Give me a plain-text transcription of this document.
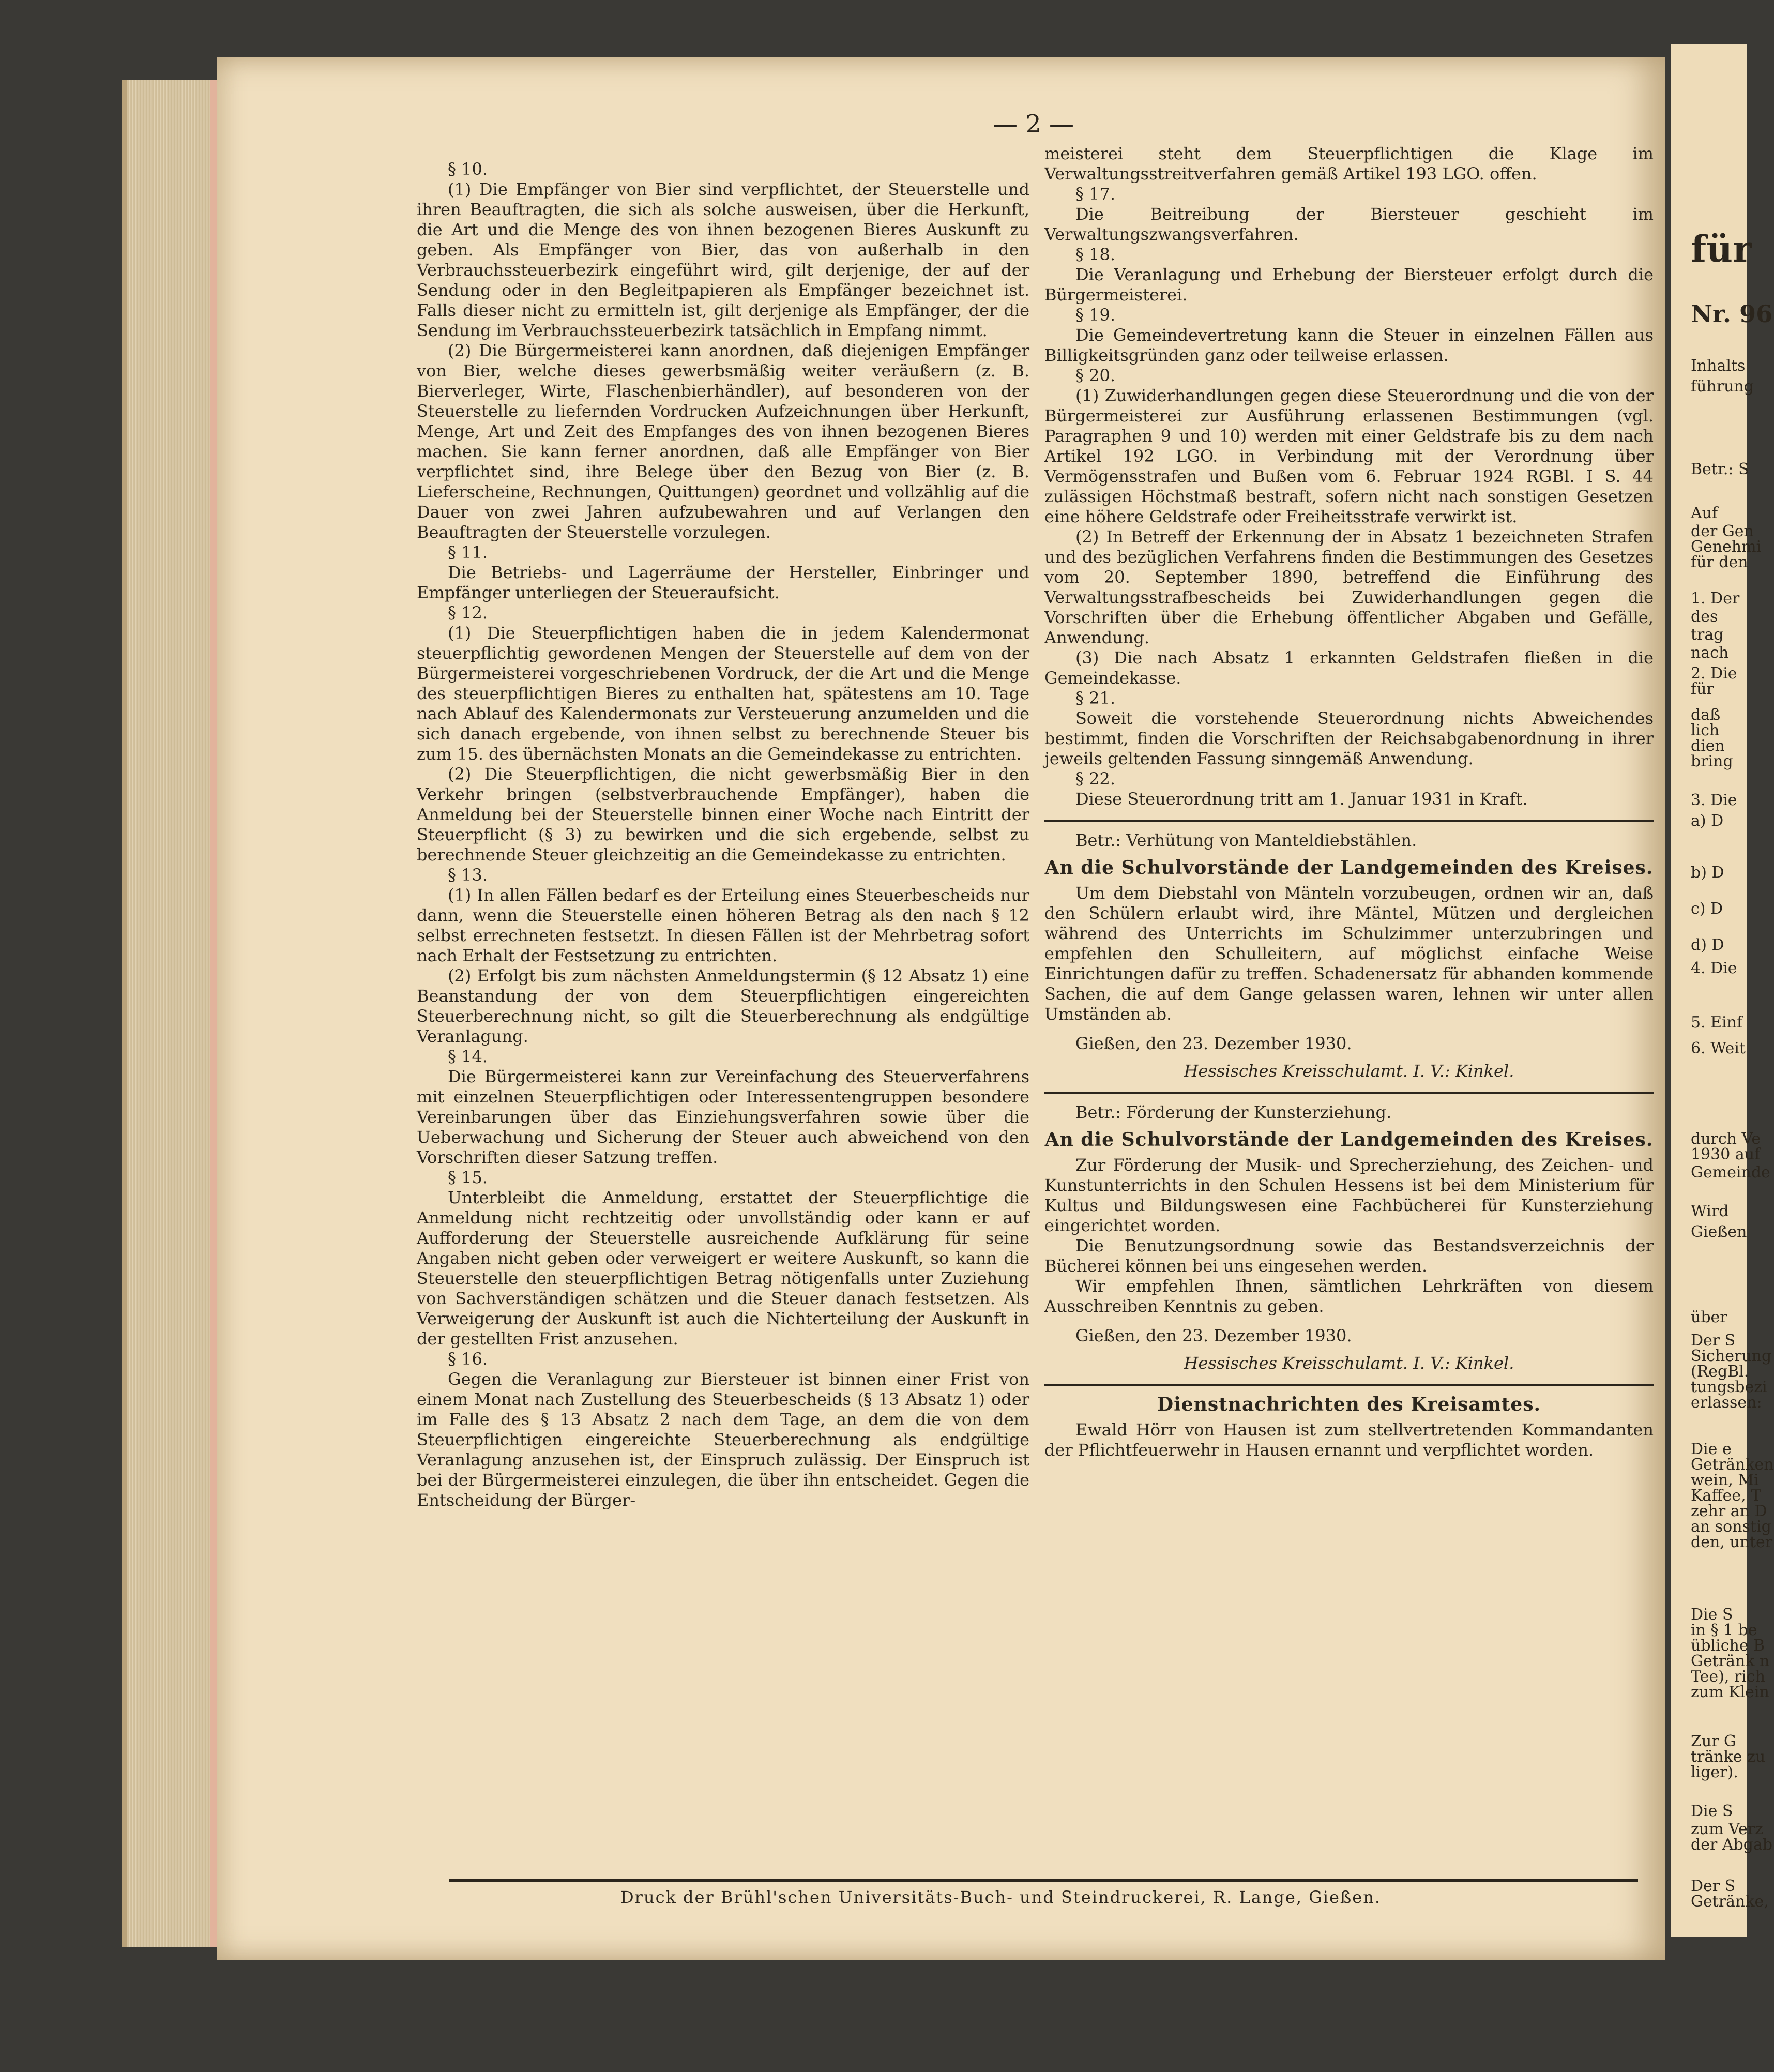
— 2 —

§ 10.

(1) Die Empfänger von Bier sind verpflichtet, der Steuerstelle und ihren Beauftragten, die sich als solche ausweisen, über die Herkunft, die Art und die Menge des von ihnen bezogenen Bieres Auskunft zu geben. Als Empfänger von Bier, das von außerhalb in den Verbrauchssteuerbezirk eingeführt wird, gilt derjenige, der auf der Sendung oder in den Begleitpapieren als Empfänger bezeichnet ist. Falls dieser nicht zu ermitteln ist, gilt derjenige als Empfänger, der die Sendung im Verbrauchssteuerbezirk tatsächlich in Empfang nimmt.

(2) Die Bürgermeisterei kann anordnen, daß diejenigen Empfänger von Bier, welche dieses gewerbsmäßig weiter veräußern (z. B. Bierverleger, Wirte, Flaschenbierhändler), auf besonderen von der Steuerstelle zu liefernden Vordrucken Aufzeichnungen über Herkunft, Menge, Art und Zeit des Empfanges des von ihnen bezogenen Bieres machen. Sie kann ferner anordnen, daß alle Empfänger von Bier verpflichtet sind, ihre Belege über den Bezug von Bier (z. B. Lieferscheine, Rechnungen, Quittungen) geordnet und vollzählig auf die Dauer von zwei Jahren aufzubewahren und auf Verlangen den Beauftragten der Steuerstelle vorzulegen.

§ 11.

Die Betriebs- und Lagerräume der Hersteller, Einbringer und Empfänger unterliegen der Steueraufsicht.

§ 12.

(1) Die Steuerpflichtigen haben die in jedem Kalendermonat steuerpflichtig gewordenen Mengen der Steuerstelle auf dem von der Bürgermeisterei vorgeschriebenen Vordruck, der die Art und die Menge des steuerpflichtigen Bieres zu enthalten hat, spätestens am 10. Tage nach Ablauf des Kalendermonats zur Versteuerung anzumelden und die sich danach ergebende, von ihnen selbst zu berechnende Steuer bis zum 15. des übernächsten Monats an die Gemeindekasse zu entrichten.

(2) Die Steuerpflichtigen, die nicht gewerbsmäßig Bier in den Verkehr bringen (selbstverbrauchende Empfänger), haben die Anmeldung bei der Steuerstelle binnen einer Woche nach Eintritt der Steuerpflicht (§ 3) zu bewirken und die sich ergebende, selbst zu berechnende Steuer gleichzeitig an die Gemeindekasse zu entrichten.

§ 13.

(1) In allen Fällen bedarf es der Erteilung eines Steuerbescheids nur dann, wenn die Steuerstelle einen höheren Betrag als den nach § 12 selbst errechneten festsetzt. In diesen Fällen ist der Mehrbetrag sofort nach Erhalt der Festsetzung zu entrichten.

(2) Erfolgt bis zum nächsten Anmeldungstermin (§ 12 Absatz 1) eine Beanstandung der von dem Steuerpflichtigen eingereichten Steuerberechnung nicht, so gilt die Steuerberechnung als endgültige Veranlagung.

§ 14.

Die Bürgermeisterei kann zur Vereinfachung des Steuerverfahrens mit einzelnen Steuerpflichtigen oder Interessentengruppen besondere Vereinbarungen über das Einziehungsverfahren sowie über die Ueberwachung und Sicherung der Steuer auch abweichend von den Vorschriften dieser Satzung treffen.

§ 15.

Unterbleibt die Anmeldung, erstattet der Steuerpflichtige die Anmeldung nicht rechtzeitig oder unvollständig oder kann er auf Aufforderung der Steuerstelle ausreichende Aufklärung für seine Angaben nicht geben oder verweigert er weitere Auskunft, so kann die Steuerstelle den steuerpflichtigen Betrag nötigenfalls unter Zuziehung von Sachverständigen schätzen und die Steuer danach festsetzen. Als Verweigerung der Auskunft ist auch die Nichterteilung der Auskunft in der gestellten Frist anzusehen.

§ 16.

Gegen die Veranlagung zur Biersteuer ist binnen einer Frist von einem Monat nach Zustellung des Steuerbescheids (§ 13 Absatz 1) oder im Falle des § 13 Absatz 2 nach dem Tage, an dem die von dem Steuerpflichtigen eingereichte Steuerberechnung als endgültige Veranlagung anzusehen ist, der Einspruch zulässig. Der Einspruch ist bei der Bürgermeisterei einzulegen, die über ihn entscheidet. Gegen die Entscheidung der Bürger-

meisterei steht dem Steuerpflichtigen die Klage im Verwaltungsstreitverfahren gemäß Artikel 193 LGO. offen.

§ 17.

Die Beitreibung der Biersteuer geschieht im Verwaltungszwangsverfahren.

§ 18.

Die Veranlagung und Erhebung der Biersteuer erfolgt durch die Bürgermeisterei.

§ 19.

Die Gemeindevertretung kann die Steuer in einzelnen Fällen aus Billigkeitsgründen ganz oder teilweise erlassen.

§ 20.

(1) Zuwiderhandlungen gegen diese Steuerordnung und die von der Bürgermeisterei zur Ausführung erlassenen Bestimmungen (vgl. Paragraphen 9 und 10) werden mit einer Geldstrafe bis zu dem nach Artikel 192 LGO. in Verbindung mit der Verordnung über Vermögensstrafen und Bußen vom 6. Februar 1924 RGBl. I S. 44 zulässigen Höchstmaß bestraft, sofern nicht nach sonstigen Gesetzen eine höhere Geldstrafe oder Freiheitsstrafe verwirkt ist.

(2) In Betreff der Erkennung der in Absatz 1 bezeichneten Strafen und des bezüglichen Verfahrens finden die Bestimmungen des Gesetzes vom 20. September 1890, betreffend die Einführung des Verwaltungsstrafbescheids bei Zuwiderhandlungen gegen die Vorschriften über die Erhebung öffentlicher Abgaben und Gefälle, Anwendung.

(3) Die nach Absatz 1 erkannten Geldstrafen fließen in die Gemeindekasse.

§ 21.

Soweit die vorstehende Steuerordnung nichts Abweichendes bestimmt, finden die Vorschriften der Reichsabgabenordnung in ihrer jeweils geltenden Fassung sinngemäß Anwendung.

§ 22.

Diese Steuerordnung tritt am 1. Januar 1931 in Kraft.

Betr.: Verhütung von Manteldiebstählen.

An die Schulvorstände der Landgemeinden des Kreises.

Um dem Diebstahl von Mänteln vorzubeugen, ordnen wir an, daß den Schülern erlaubt wird, ihre Mäntel, Mützen und dergleichen während des Unterrichts im Schulzimmer unterzubringen und empfehlen den Schulleitern, auf möglichst einfache Weise Einrichtungen dafür zu treffen. Schadenersatz für abhanden kommende Sachen, die auf dem Gange gelassen waren, lehnen wir unter allen Umständen ab.

Gießen, den 23. Dezember 1930.

Hessisches Kreisschulamt. I. V.: Kinkel.

Betr.: Förderung der Kunsterziehung.

An die Schulvorstände der Landgemeinden des Kreises.

Zur Förderung der Musik- und Sprecherziehung, des Zeichen- und Kunstunterrichts in den Schulen Hessens ist bei dem Ministerium für Kultus und Bildungswesen eine Fachbücherei für Kunsterziehung eingerichtet worden.

Die Benutzungsordnung sowie das Bestandsverzeichnis der Bücherei können bei uns eingesehen werden.

Wir empfehlen Ihnen, sämtlichen Lehrkräften von diesem Ausschreiben Kenntnis zu geben.

Gießen, den 23. Dezember 1930.

Hessisches Kreisschulamt. I. V.: Kinkel.
Dienstnachrichten des Kreisamtes.

Ewald Hörr von Hausen ist zum stellvertretenden Kommandanten der Pflichtfeuerwehr in Hausen ernannt und verpflichtet worden.

Druck der Brühl'schen Universitäts-Buch- und Steindruckerei, R. Lange, Gießen.
für
Nr. 96
Inhalts
führung
Betr.: S
Auf
der Gen
Genehmi
für den
1. Der
des
trag
nach
2. Die
für
daß
lich
dien
bring
3. Die
a) D
b) D
c) D
d) D
4. Die
5. Einf
6. Weit
durch Ve
1930 auf
Gemeinde
Wird
Gießen
über
Der S
Sicherung
(RegBl.
tungsbezi
erlassen:
Die e
Getränken
wein, Mi
Kaffee, T
zehr an D
an sonstig
den, unter
Die S
in § 1 be
übliche B
Getränk n
Tee), rich
zum Klein
Zur G
tränke zu
liger).
Die S
zum Verz
der Abgab
Der S
Getränke,
